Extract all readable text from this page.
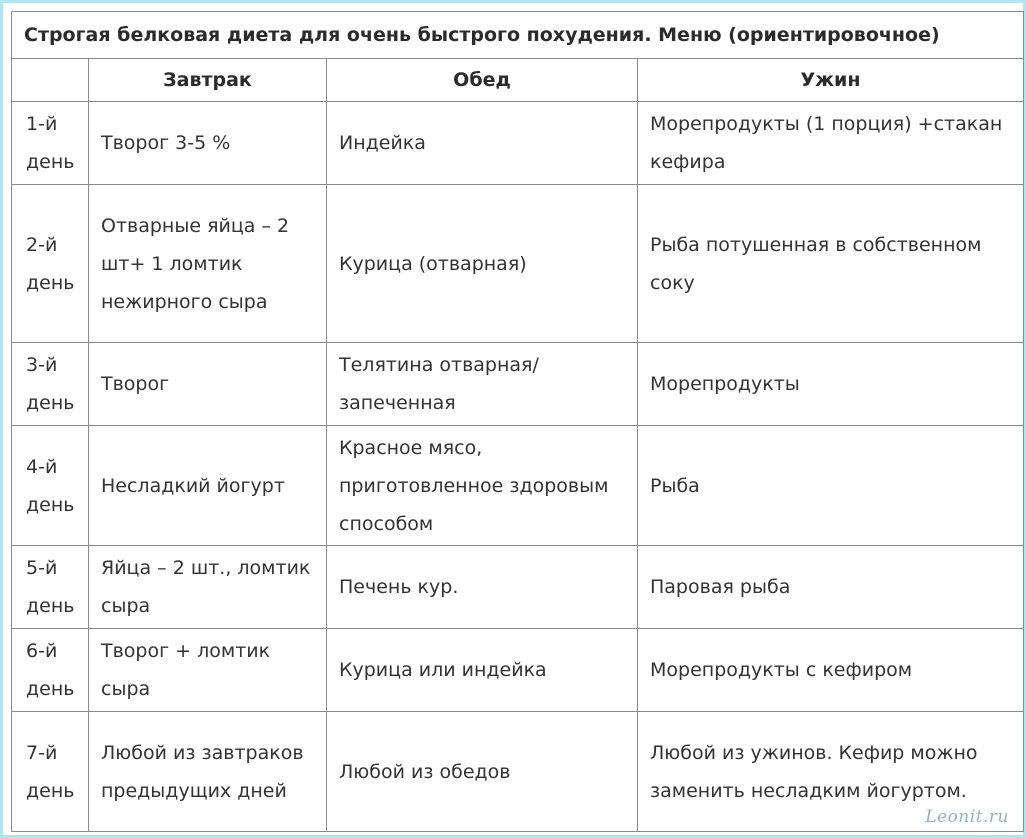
Строгая белковая диета для очень быстрого похудения. Меню (ориентировочное)			
	Завтрак	Обед	Ужин
1-й день	Творог 3-5 %	Индейка	Морепродукты (1 порция) +стакан кефира
2-й день	Отварные яйца – 2 шт+ 1 ломтик нежирного сыра	Курица (отварная)	Рыба потушенная в собственном соку
3-й день	Творог	Телятина отварная/ запеченная	Морепродукты
4-й день	Несладкий йогурт	Красное мясо, приготовленное здоровым способом	Рыба
5-й день	Яйца – 2 шт., ломтик сыра	Печень кур.	Паровая рыба
6-й день	Творог + ломтик сыра	Курица или индейка	Морепродукты с кефиром
7-й день	Любой из завтраков предыдущих дней	Любой из обедов	Любой из ужинов. Кефир можно заменить несладким йогуртом.
Leonit.ru
